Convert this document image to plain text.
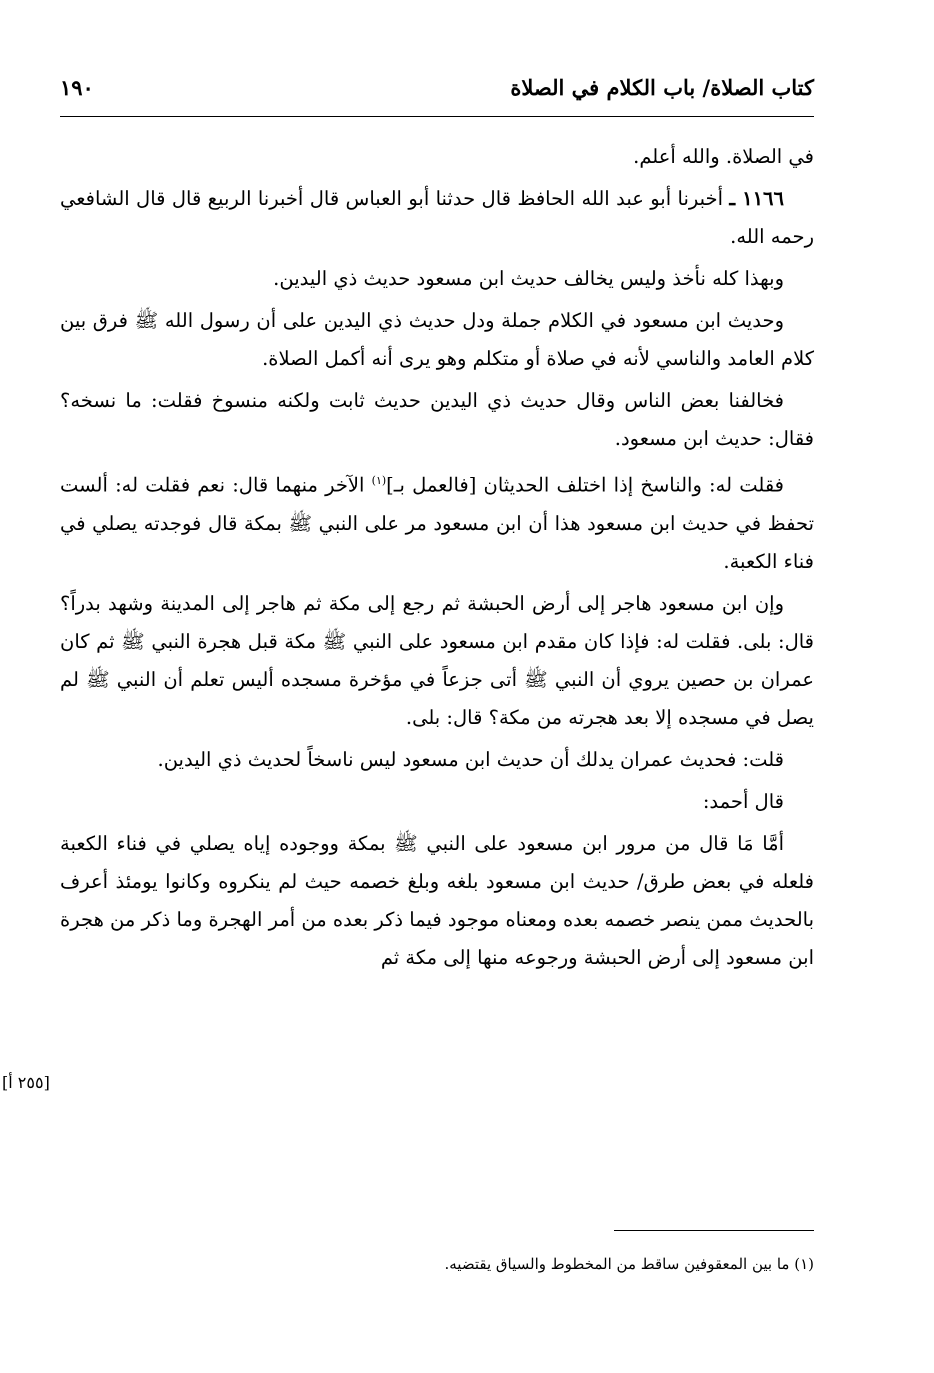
كتاب الصلاة/ باب الكلام في الصلاة
١٩٠

في الصلاة. والله أعلم.

١١٦٦ ـ أخبرنا أبو عبد الله الحافظ قال حدثنا أبو العباس قال أخبرنا الربيع قال قال الشافعي رحمه الله.

وبهذا كله نأخذ وليس يخالف حديث ابن مسعود حديث ذي اليدين.

وحديث ابن مسعود في الكلام جملة ودل حديث ذي اليدين على أن رسول الله ﷺ فرق بين كلام العامد والناسي لأنه في صلاة أو متكلم وهو يرى أنه أكمل الصلاة.

فخالفنا بعض الناس وقال حديث ذي اليدين حديث ثابت ولكنه منسوخ فقلت: ما نسخه؟ فقال: حديث ابن مسعود.

فقلت له: والناسخ إذا اختلف الحديثان [فالعمل بـ]$^{(١)}$ الآخر منهما قال: نعم فقلت له: ألست تحفظ في حديث ابن مسعود هذا أن ابن مسعود مر على النبي ﷺ بمكة قال فوجدته يصلي في فناء الكعبة.

وإن ابن مسعود هاجر إلى أرض الحبشة ثم رجع إلى مكة ثم هاجر إلى المدينة وشهد بدراً؟ قال: بلى. فقلت له: فإذا كان مقدم ابن مسعود على النبي ﷺ مكة قبل هجرة النبي ﷺ ثم كان عمران بن حصين يروي أن النبي ﷺ أتى جزعاً في مؤخرة مسجده أليس تعلم أن النبي ﷺ لم يصل في مسجده إلا بعد هجرته من مكة؟ قال: بلى.

قلت: فحديث عمران يدلك أن حديث ابن مسعود ليس ناسخاً لحديث ذي اليدين.

قال أحمد:

أمَّا مَا قال من مرور ابن مسعود على النبي ﷺ بمكة ووجوده إياه يصلي في فناء الكعبة فلعله في بعض طرق/ حديث ابن مسعود بلغه وبلغ خصمه حيث لم ينكروه وكانوا يومئذ أعرف بالحديث ممن ينصر خصمه بعده ومعناه موجود فيما ذكر بعده من أمر الهجرة وما ذكر من هجرة ابن مسعود إلى أرض الحبشة ورجوعه منها إلى مكة ثم

[٢٥٥ أ]
(١) ما بين المعقوفين ساقط من المخطوط والسياق يقتضيه.
